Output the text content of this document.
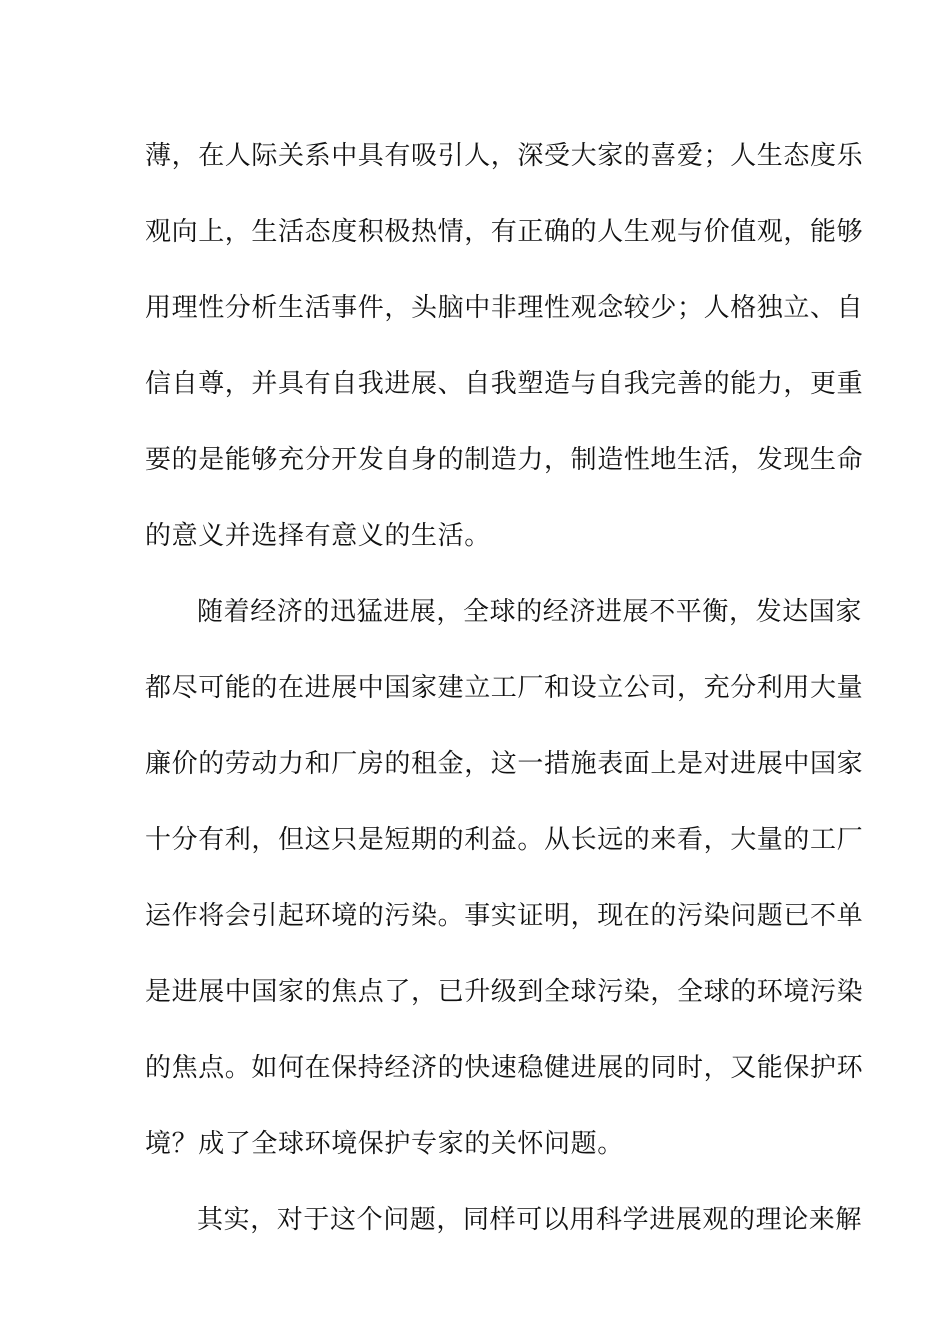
薄，在人际关系中具有吸引人，深受大家的喜爱；人生态度乐
观向上，生活态度积极热情，有正确的人生观与价值观，能够
用理性分析生活事件，头脑中非理性观念较少；人格独立、自
信自尊，并具有自我进展、自我塑造与自我完善的能力，更重
要的是能够充分开发自身的制造力，制造性地生活，发现生命
的意义并选择有意义的生活。
随着经济的迅猛进展，全球的经济进展不平衡，发达国家
都尽可能的在进展中国家建立工厂和设立公司，充分利用大量
廉价的劳动力和厂房的租金，这一措施表面上是对进展中国家
十分有利，但这只是短期的利益。从长远的来看，大量的工厂
运作将会引起环境的污染。事实证明，现在的污染问题已不单
是进展中国家的焦点了，已升级到全球污染，全球的环境污染
的焦点。如何在保持经济的快速稳健进展的同时，又能保护环
境？成了全球环境保护专家的关怀问题。
其实，对于这个问题，同样可以用科学进展观的理论来解
